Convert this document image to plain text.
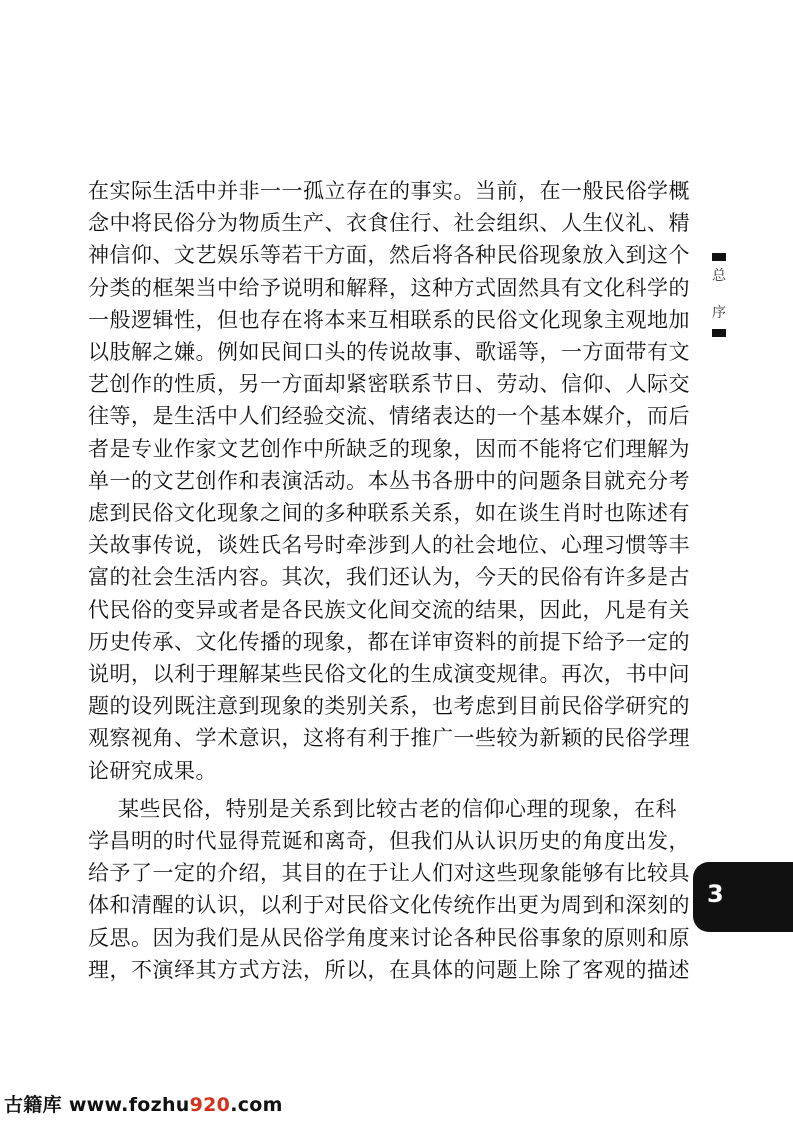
在实际生活中并非一一孤立存在的事实。当前，在一般民俗学概

念中将民俗分为物质生产、衣食住行、社会组织、人生仪礼、精

神信仰、文艺娱乐等若干方面，然后将各种民俗现象放入到这个

分类的框架当中给予说明和解释，这种方式固然具有文化科学的

一般逻辑性，但也存在将本来互相联系的民俗文化现象主观地加

以肢解之嫌。例如民间口头的传说故事、歌谣等，一方面带有文

艺创作的性质，另一方面却紧密联系节日、劳动、信仰、人际交

往等，是生活中人们经验交流、情绪表达的一个基本媒介，而后

者是专业作家文艺创作中所缺乏的现象，因而不能将它们理解为

单一的文艺创作和表演活动。本丛书各册中的问题条目就充分考

虑到民俗文化现象之间的多种联系关系，如在谈生肖时也陈述有

关故事传说，谈姓氏名号时牵涉到人的社会地位、心理习惯等丰

富的社会生活内容。其次，我们还认为，今天的民俗有许多是古

代民俗的变异或者是各民族文化间交流的结果，因此，凡是有关

历史传承、文化传播的现象，都在详审资料的前提下给予一定的

说明，以利于理解某些民俗文化的生成演变规律。再次，书中问

题的设列既注意到现象的类别关系，也考虑到目前民俗学研究的

观察视角、学术意识，这将有利于推广一些较为新颖的民俗学理

论研究成果。

某些民俗，特别是关系到比较古老的信仰心理的现象，在科

学昌明的时代显得荒诞和离奇，但我们从认识历史的角度出发，

给予了一定的介绍，其目的在于让人们对这些现象能够有比较具

体和清醒的认识，以利于对民俗文化传统作出更为周到和深刻的

反思。因为我们是从民俗学角度来讨论各种民俗事象的原则和原

理，不演绎其方式方法，所以，在具体的问题上除了客观的描述

总
序
3
古籍库 www.fozhu920.com
